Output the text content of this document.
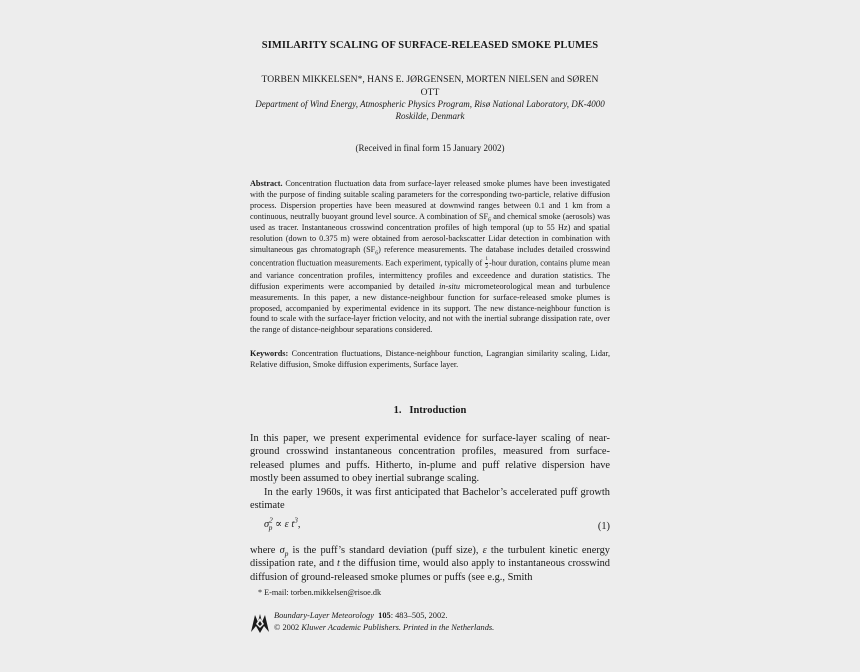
SIMILARITY SCALING OF SURFACE-RELEASED SMOKE PLUMES
TORBEN MIKKELSEN*, HANS E. JØRGENSEN, MORTEN NIELSEN and SØREN
OTT
Department of Wind Energy, Atmospheric Physics Program, Risø National Laboratory, DK-4000 Roskilde, Denmark
(Received in final form 15 January 2002)
Abstract. Concentration fluctuation data from surface-layer released smoke plumes have been investigated with the purpose of finding suitable scaling parameters for the corresponding two-particle, relative diffusion process. Dispersion properties have been measured at downwind ranges between 0.1 and 1 km from a continuous, neutrally buoyant ground level source. A combination of $SF_6$ and chemical smoke (aerosols) was used as tracer. Instantaneous crosswind concentration profiles of high temporal (up to 55 Hz) and spatial resolution (down to 0.375 m) were obtained from aerosol-backscatter Lidar detection in combination with simultaneous gas chromatograph $(SF_6)$ reference measurements. The database includes detailed crosswind concentration fluctuation measurements. Each experiment, typically of $\frac{1}{2}$ -hour duration, contains plume mean and variance concentration profiles, intermittency profiles and exceedence and duration statistics. The diffusion experiments were accompanied by detailed in-situ micrometeorological mean and turbulence measurements. In this paper, a new distance-neighbour function for surface-released smoke plumes is proposed, accompanied by experimental evidence in its support. The new distance-neighbour function is found to scale with the surface-layer friction velocity, and not with the inertial subrange dissipation rate, over the range of distance-neighbour separations considered.
Keywords: Concentration fluctuations, Distance-neighbour function, Lagrangian similarity scaling, Lidar, Relative diffusion, Smoke diffusion experiments, Surface layer.
1. Introduction

In this paper, we present experimental evidence for surface-layer scaling of near-ground crosswind instantaneous concentration profiles, measured from surface-released plumes and puffs. Hitherto, in-plume and puff relative dispersion have mostly been assumed to obey inertial subrange scaling.

In the early 1960s, it was first anticipated that Bachelor’s accelerated puff growth estimate

$\sigma^2_p \propto \varepsilon$ $t^3$,	(1)
where $\sigma_p$ is the puff’s standard deviation (puff size), ε the turbulent kinetic energy dissipation rate, and t the diffusion time, would also apply to instantaneous crosswind diffusion of ground-released smoke plumes or puffs (see e.g., Smith
* E-mail: torben.mikkelsen@risoe.dk
Boundary-Layer Meteorology 105: 483–505, 2002.
© 2002 Kluwer Academic Publishers. Printed in the Netherlands.
